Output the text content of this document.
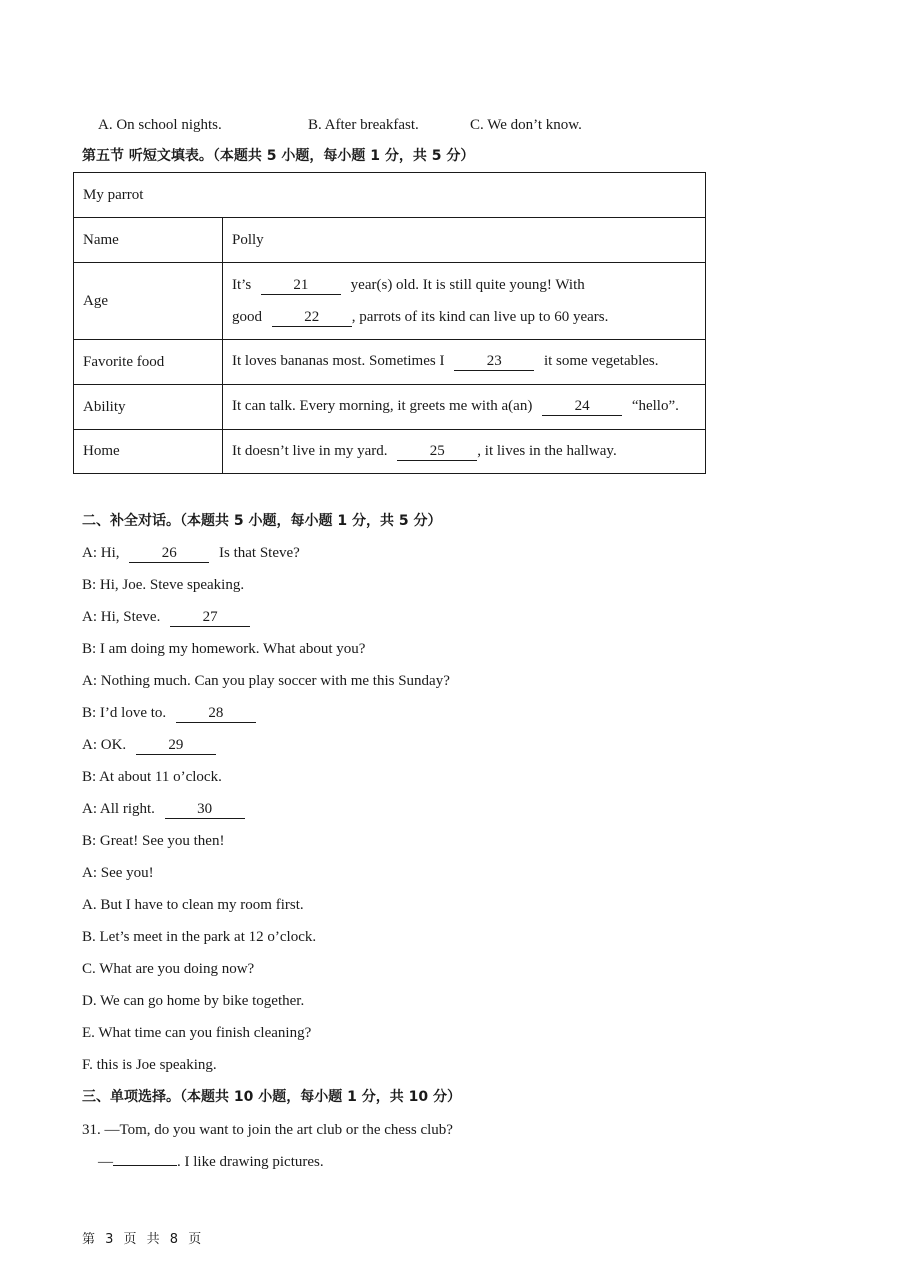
A. On school nights.	B. After breakfast.	C. We don’t know.
第五节 听短文填表。（本题共 5 小题，每小题 1 分，共 5 分）
My parrot	
Name	Polly
Age	It’s 21 year(s) old. It is still quite young! With
good 22 , parrots of its kind can live up to 60 years.

Favorite food	It loves bananas most. Sometimes I 23 it some vegetables.
Ability	It can talk. Every morning, it greets me with a(an) 24 “hello”.
Home	It doesn’t live in my yard. 25 , it lives in the hallway.
二、补全对话。（本题共 5 小题，每小题 1 分，共 5 分）
A: Hi,	26	Is that Steve?
B: Hi, Joe. Steve speaking.
A: Hi, Steve.	27
B: I am doing my homework. What about you?
A: Nothing much. Can you play soccer with me this Sunday?
B: I’d love to.	28
A: OK.	29
B: At about 11 o’clock.
A: All right.	30
B: Great! See you then!
A: See you!
A. But I have to clean my room first.
B. Let’s meet in the park at 12 o’clock.
C. What are you doing now?
D. We can go home by bike together.
E. What time can you finish cleaning?
F. this is Joe speaking.
三、单项选择。（本题共 10 小题，每小题 1 分，共 10 分）
31. —Tom, do you want to join the art club or the chess club?
—	. I like drawing pictures.
第 3 页 共 8 页
